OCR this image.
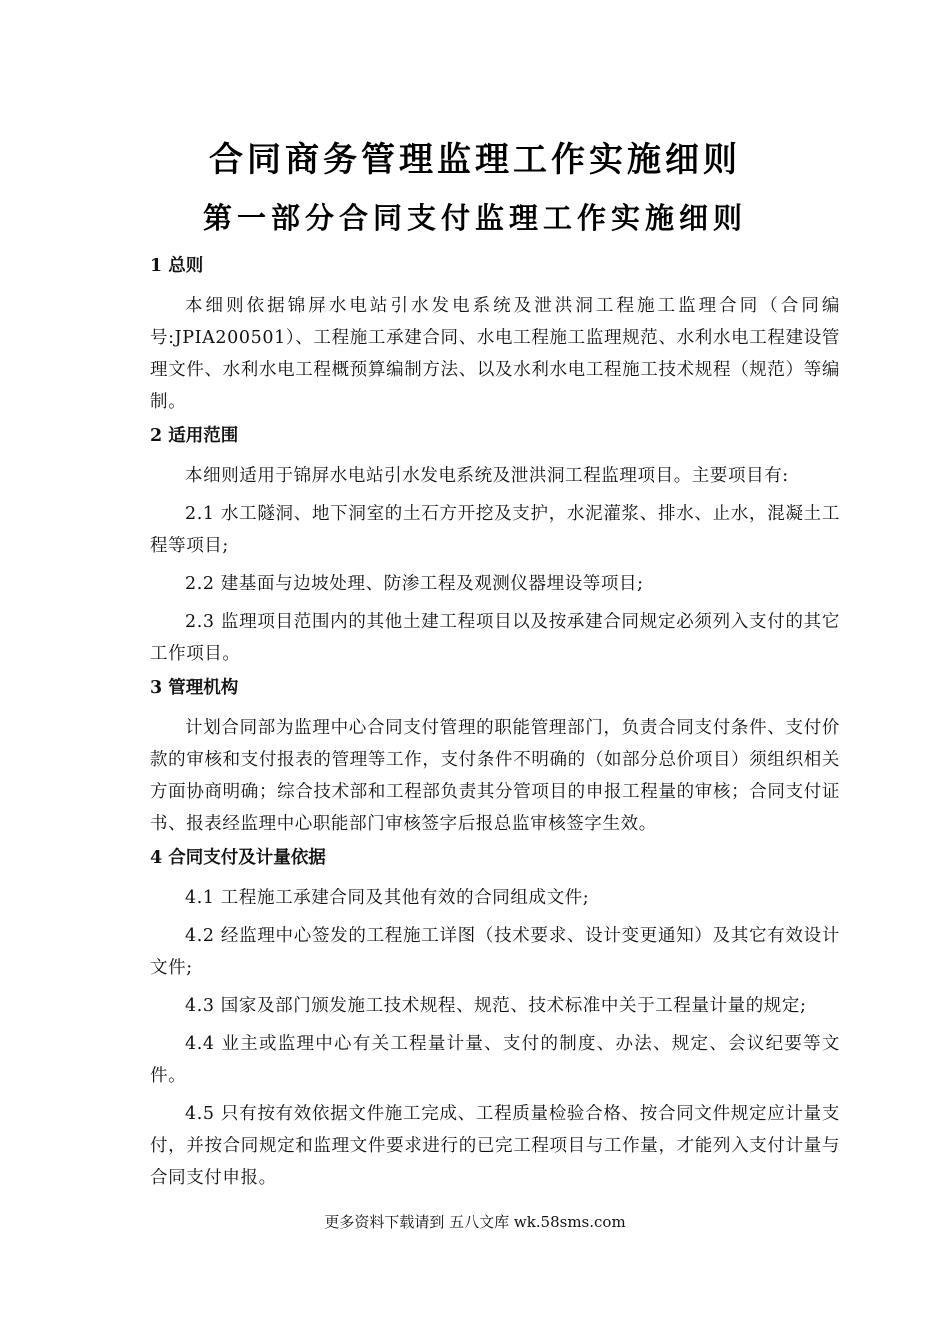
合同商务管理监理工作实施细则
第一部分合同支付监理工作实施细则
1 总则

本细则依据锦屏水电站引水发电系统及泄洪洞工程施工监理合同（合同编号:JPIA200501）、工程施工承建合同、水电工程施工监理规范、水利水电工程建设管理文件、水利水电工程概预算编制方法、以及水利水电工程施工技术规程（规范）等编制。

2 适用范围

本细则适用于锦屏水电站引水发电系统及泄洪洞工程监理项目。主要项目有:

2.1 水工隧洞、地下洞室的土石方开挖及支护，水泥灌浆、排水、止水，混凝土工程等项目;

2.2 建基面与边坡处理、防渗工程及观测仪器埋设等项目;

2.3 监理项目范围内的其他土建工程项目以及按承建合同规定必须列入支付的其它工作项目。

3 管理机构

计划合同部为监理中心合同支付管理的职能管理部门，负责合同支付条件、支付价款的审核和支付报表的管理等工作，支付条件不明确的（如部分总价项目）须组织相关方面协商明确；综合技术部和工程部负责其分管项目的申报工程量的审核；合同支付证书、报表经监理中心职能部门审核签字后报总监审核签字生效。

4 合同支付及计量依据

4.1 工程施工承建合同及其他有效的合同组成文件;

4.2 经监理中心签发的工程施工详图（技术要求、设计变更通知）及其它有效设计文件;

4.3 国家及部门颁发施工技术规程、规范、技术标准中关于工程量计量的规定;

4.4 业主或监理中心有关工程量计量、支付的制度、办法、规定、会议纪要等文件。

4.5 只有按有效依据文件施工完成、工程质量检验合格、按合同文件规定应计量支付，并按合同规定和监理文件要求进行的已完工程项目与工作量，才能列入支付计量与合同支付申报。

更多资料下载请到 五八文库 wk.58sms.com
